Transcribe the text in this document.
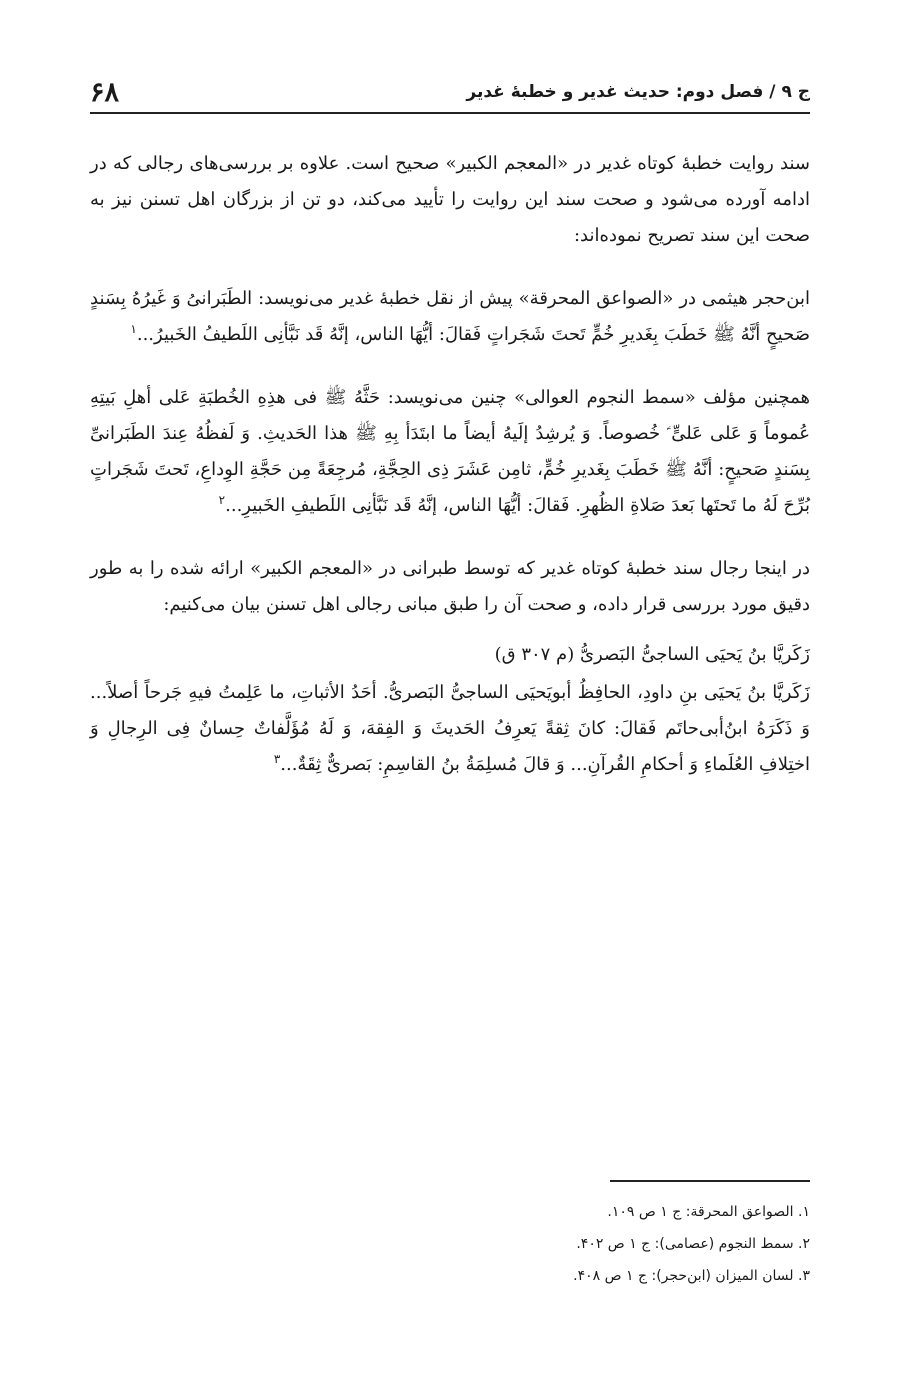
ج ۹ / فصل دوم: حدیث غدیر و خطبهٔ غدیر
۶۸

سند روایت خطبهٔ کوتاه غدیر در «المعجم الکبیر» صحیح است. علاوه بر بررسی‌های رجالی که در ادامه آورده می‌شود و صحت سند این روایت را تأیید می‌کند، دو تن از بزرگان اهل تسنن نیز به صحت این سند تصریح نموده‌اند:

ابن‌حجر هیثمی در «الصواعق المحرقة» پیش از نقل خطبهٔ غدیر می‌نویسد: الطَبَرانیُ وَ غَیرُهُ بِسَندٍ صَحیحٍ أنَّهُ ﷺ خَطَبَ بِغَدیرِ خُمٍّ تَحتَ شَجَراتٍ فَقالَ: أیُّهَا الناس، إنَّهُ قَد نَبَّأنِی اللَطیفُ الخَبیرُ...$^۱$

همچنین مؤلف «سمط النجوم العوالی» چنین می‌نویسد: حَثَّهُ ﷺ فی هذِهِ الخُطبَةِ عَلی أهلِ بَیتِهِ عُموماً وَ عَلی عَلیٍّ ؑ خُصوصاً. وَ یُرشِدُ إلَیهُ أیضاً ما ابتَدَأ بِهِ ﷺ هذا الحَدیثِ. وَ لَفظُهُ عِندَ الطَبَرانیِّ بِسَندٍ صَحیحٍ: أنَّهُ ﷺ خَطَبَ بِغَدیرِ خُمٍّ، ثامِن عَشَرَ ذِی الحِجَّةِ، مُرجِعَةً مِن حَجَّةِ الوِداعِ، تَحتَ شَجَراتٍ بُرِّحَ لَهُ ما تَحتَها بَعدَ صَلاةِ الظُهرِ. فَقالَ: أیُّهَا الناس، إنَّهُ قَد نَبَّأنِی اللَطیفِ الخَبیرِ...$^۲$

در اینجا رجال سند خطبهٔ کوتاه غدیر که توسط طبرانی در «المعجم الکبیر» ارائه شده را به طور دقیق مورد بررسی قرار داده، و صحت آن را طبق مبانی رجالی اهل تسنن بیان می‌کنیم:

زَکَریَّا بنُ یَحیَی الساجیُّ البَصریُّ (م ۳۰۷ ق)

زَکَریَّا بنُ یَحیَی بنِ داودِ، الحافِظُ أبویَحیَی الساجیُّ البَصریُّ. أحَدُ الأثباتِ، ما عَلِمتُ فیهِ جَرحاً أصلاً... وَ ذَکَرَهُ ابنُ‌أبی‌حاتَم فَقالَ: کانَ ثِقةً یَعرِفُ الحَدیثَ وَ الفِقهَ، وَ لَهُ مُؤَلَّفاتٌ حِسانٌ فِی الرِجالِ وَ اختِلافِ العُلَماءِ وَ أحکامِ القُرآنِ... وَ قالَ مُسلِمَةُ بنُ القاسِمِ: بَصریٌّ ثِقَةٌ...$^۳$

۱. الصواعق المحرقة: ج ۱ ص ۱۰۹.
۲. سمط النجوم (عصامی): ج ۱ ص ۴۰۲.
۳. لسان المیزان (ابن‌حجر): ج ۱ ص ۴۰۸.
